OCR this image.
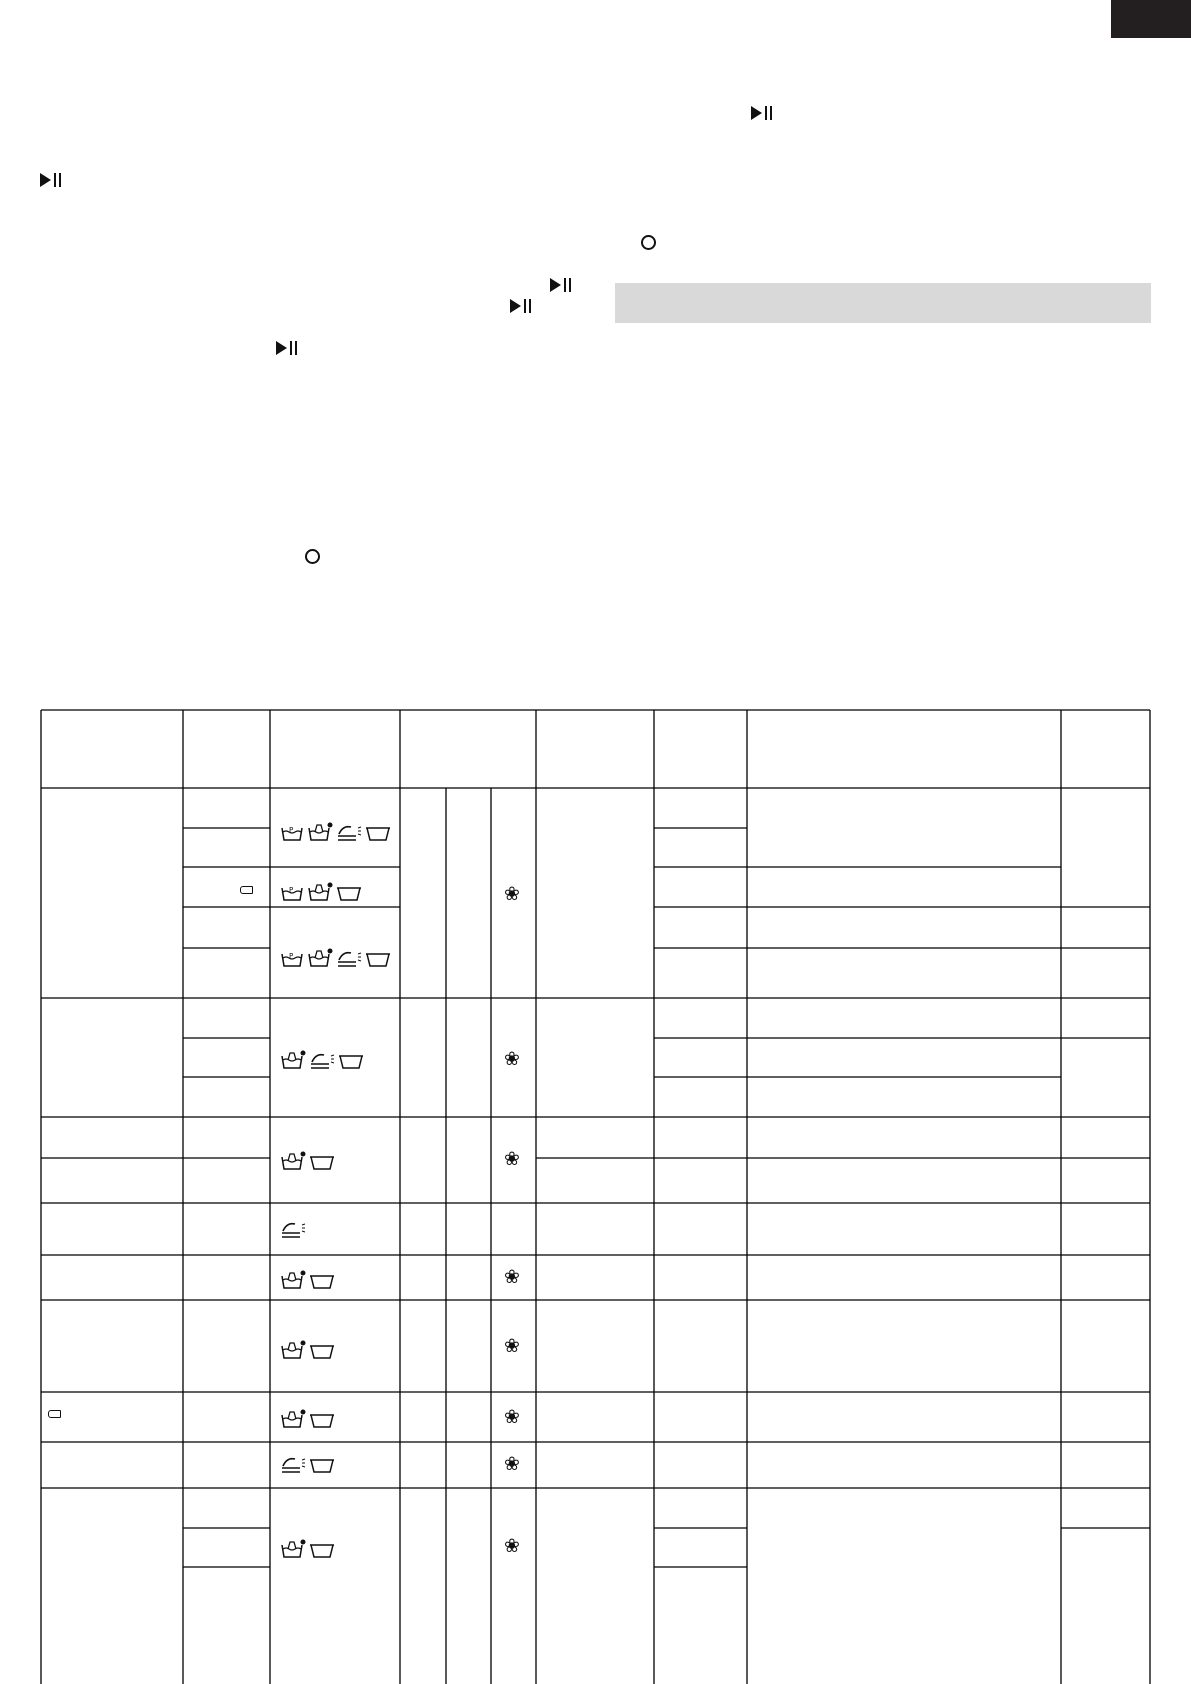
❀
❀
❀
❀
❀
❀
❀
❀
P
P
P
